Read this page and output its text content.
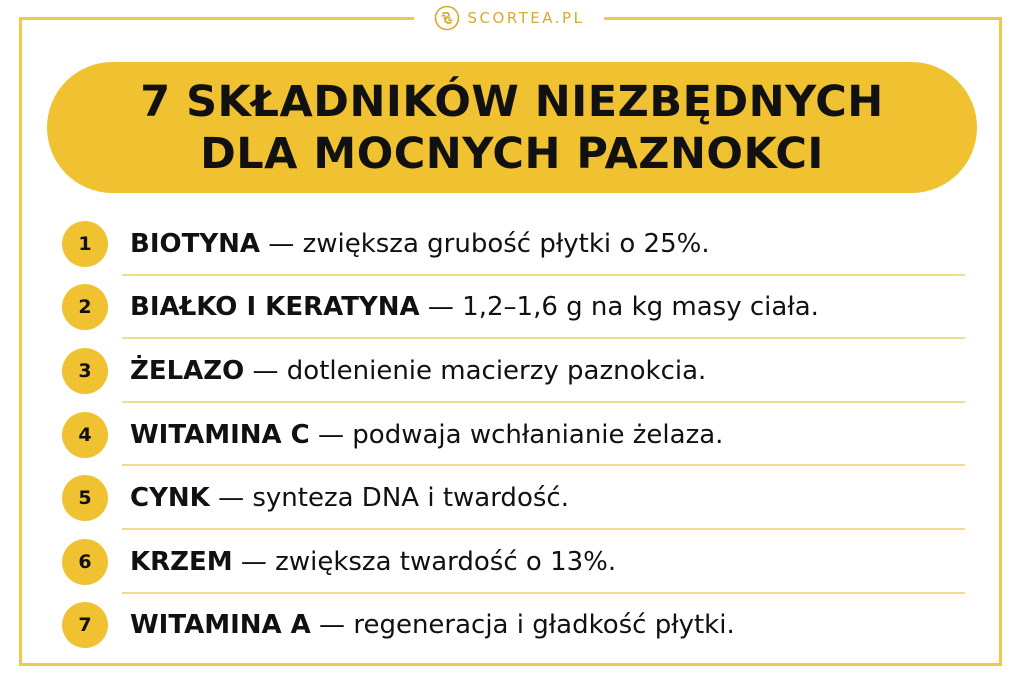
SCORTEA.PL
7 SKŁADNIKÓW NIEZBĘDNYCH
DLA MOCNYCH PAZNOKCI
1	BIOTYNA — zwiększa grubość płytki o 25%.
2	BIAŁKO I KERATYNA — 1,2–1,6 g na kg masy ciała.
3	ŻELAZO — dotlenienie macierzy paznokcia.
4	WITAMINA C — podwaja wchłanianie żelaza.
5	CYNK — synteza DNA i twardość.
6	KRZEM — zwiększa twardość o 13%.
7	WITAMINA A — regeneracja i gładkość płytki.
